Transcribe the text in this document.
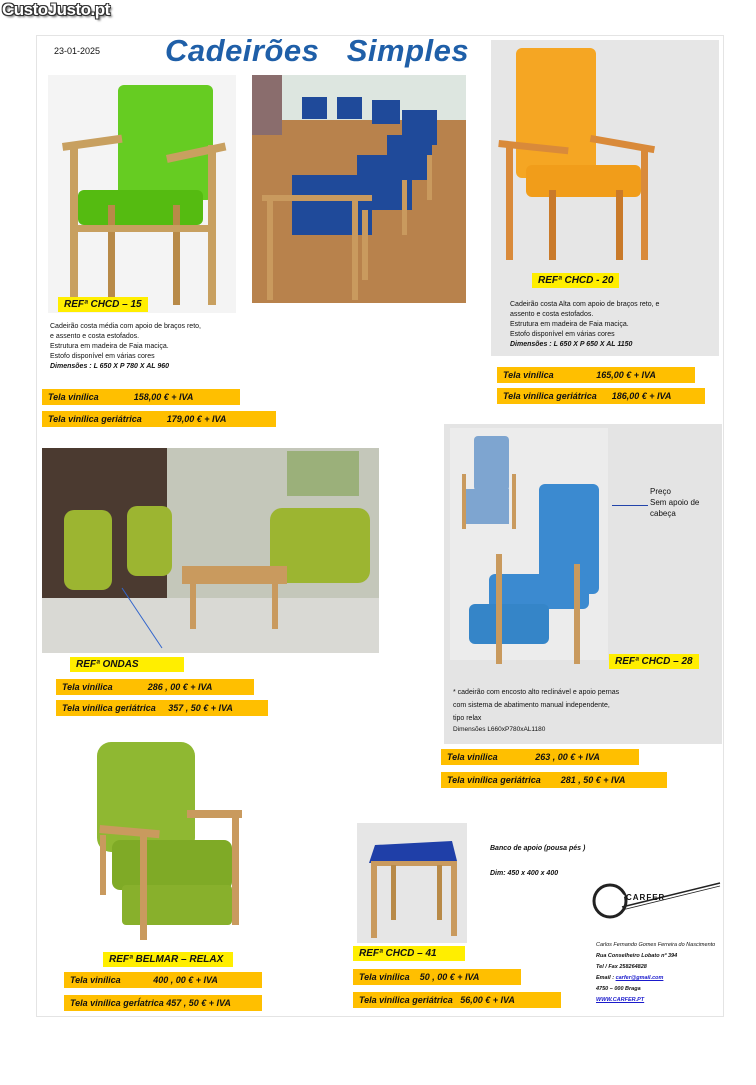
CustoJusto.pt
23-01-2025 Cadeirões   Simples
REFª CHCD - 20
Cadeirão costa Alta com apoio de braços reto, e
assento e costa estofados.
Estrutura em madeira de Faia maciça.
Estofo disponível em várias cores
Dimensões : L 650 X P 650 X AL 1150
Tela vinílica                 165,00 € + IVA
Tela vinílica geriátrica      186,00 € + IVA
REFª CHCD – 15
Cadeirão costa média com apoio de braços reto,
e assento e costa estofados.
Estrutura em madeira de Faia maciça.
Estofo disponível em várias cores
Dimensões : L 650 X P 780 X AL 960
Tela vinílica              158,00 € + IVA
Tela vinílica geriátrica          179,00 € + IVA
REFª ONDAS
Tela vinílica              286 , 00 € + IVA
Tela vinílica geriátrica     357 , 50 € + IVA
Preço
Sem apoio de
cabeça
REFª CHCD – 28
* cadeirão com encosto alto reclinável e apoio pernas
com sistema de abatimento manual independente,
tipo relax
Dimensões L660xP780xAL1180
Tela vinílica               263 , 00 € + IVA
Tela vinílica geriátrica        281 , 50 € + IVA
REFª BELMAR – RELAX
Tela vinílica             400 , 00 € + IVA
Tela vinílica gerÍatrica 457 , 50 € + IVA
Banco de apoio (pousa pés )
Dim: 450 x 400 x 400
REFª CHCD – 41
Tela vinílica    50 , 00 € + IVA
Tela vinílica geriátrica   56,00 € + IVA
CARFER
Carlos Fernando Gomes Ferreira do Nascimento
Rua Conselheiro Lobato nº 394
Tel / Fax 258264828
Email : carfer@gmail.com
4750 – 000 Braga
WWW.CARFER.PT
